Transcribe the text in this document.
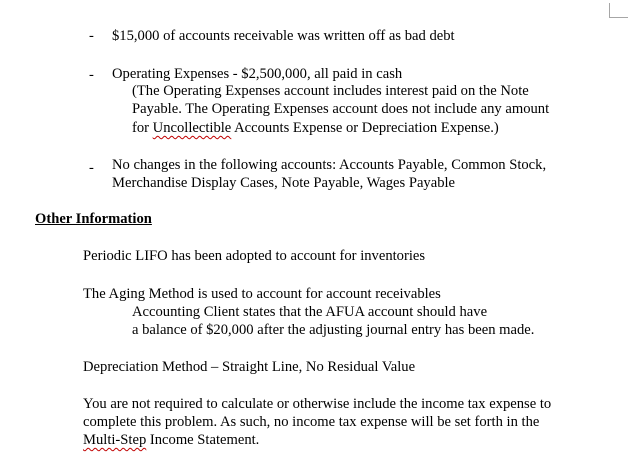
- $15,000 of accounts receivable was written off as bad debt
- Operating Expenses - $2,500,000, all paid in cash
(The Operating Expenses account includes interest paid on the Note
Payable. The Operating Expenses account does not include any amount
for Uncollectible Accounts Expense or Depreciation Expense.)
- No changes in the following accounts: Accounts Payable, Common Stock,
Merchandise Display Cases, Note Payable, Wages Payable
Other Information
Periodic LIFO has been adopted to account for inventories
The Aging Method is used to account for account receivables
Accounting Client states that the AFUA account should have
a balance of $20,000 after the adjusting journal entry has been made.
Depreciation Method – Straight Line, No Residual Value
You are not required to calculate or otherwise include the income tax expense to
complete this problem. As such, no income tax expense will be set forth in the
Multi-Step Income Statement.
